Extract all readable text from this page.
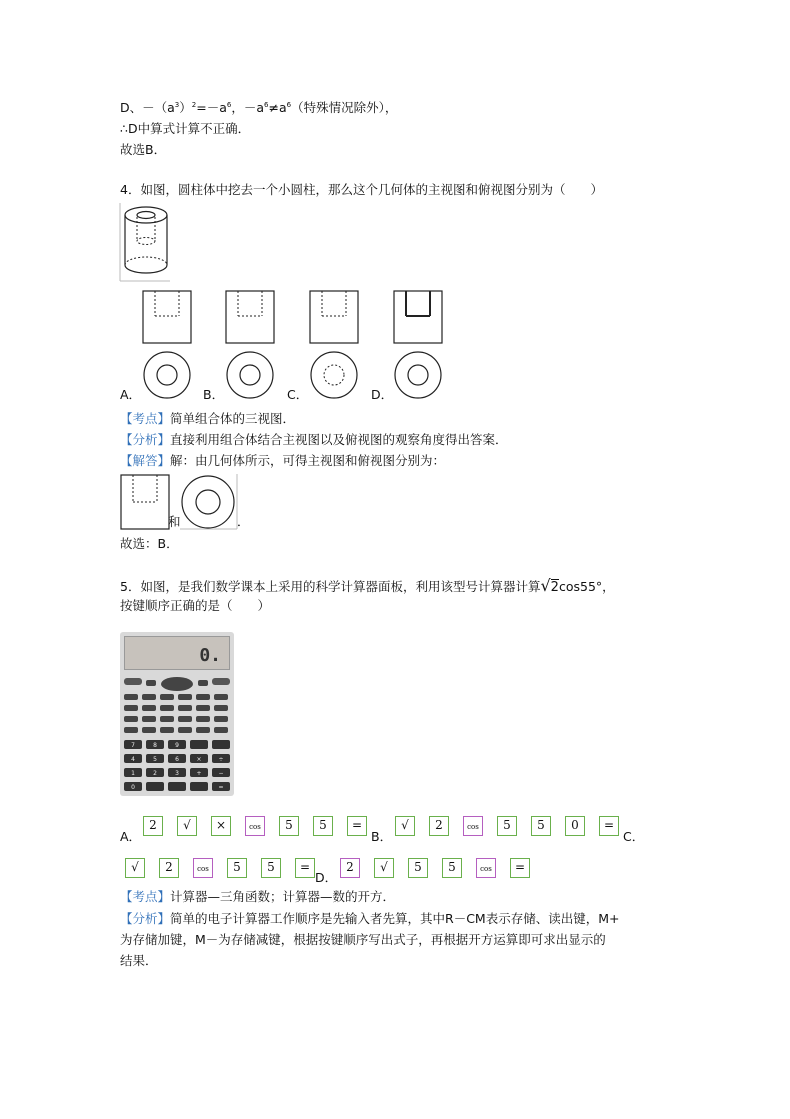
D、$-(a^3)^2=-a^6$，$-a^6\ne a^6$（特殊情况除外），
∴D中算式计算不正确．
故选B．
4．如图，圆柱体中挖去一个小圆柱，那么这个几何体的主视图和俯视图分别为（　　）
A．	B．	C．	D．
【考点】简单组合体的三视图．
【分析】直接利用组合体结合主视图以及俯视图的观察角度得出答案．
【解答】解：由几何体所示，可得主视图和俯视图分别为：
和	．
故选：B．
5．如图，是我们数学课本上采用的科学计算器面板，利用该型号计算器计算√2cos55°，
按键顺序正确的是（　　）
0.
7	8	9
4	5	6	×	÷
1	2	3	+	−
0	=
A．
2	√	×	cos	5	5	=
B．
√	2	cos	5	5	0	=
C．
√	2	cos	5	5	=
D．
2	√	5	5	cos	=
【考点】计算器—三角函数；计算器—数的开方．
【分析】简单的电子计算器工作顺序是先输入者先算，其中R－CM表示存储、读出键，M+
为存储加键，M－为存储减键，根据按键顺序写出式子，再根据开方运算即可求出显示的
结果．
